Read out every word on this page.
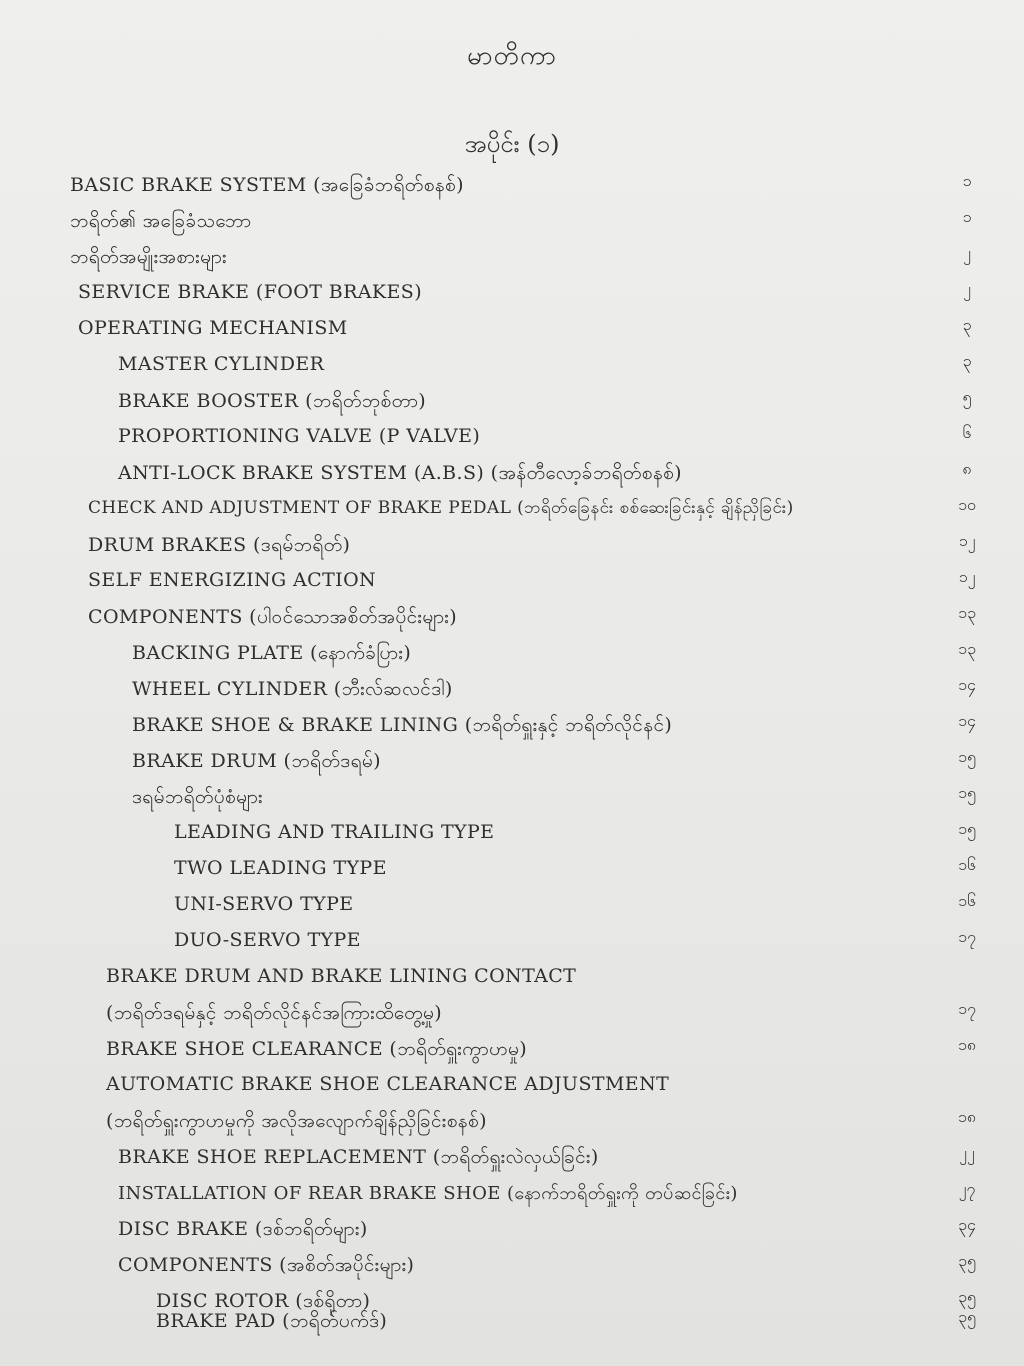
မာတိကာ
အပိုင်း (၁)
BASIC BRAKE SYSTEM (အခြေခံဘရိတ်စနစ်)	၁
ဘရိတ်၏ အခြေခံသဘော	၁
ဘရိတ်အမျိုးအစားများ	၂
SERVICE BRAKE (FOOT BRAKES)	၂
OPERATING MECHANISM	၃
MASTER CYLINDER	၃
BRAKE BOOSTER (ဘရိတ်ဘုစ်တာ)	၅
PROPORTIONING VALVE (P VALVE)	၆
ANTI-LOCK BRAKE SYSTEM (A.B.S) (အန်တီလော့ခ်ဘရိတ်စနစ်)	၈
CHECK AND ADJUSTMENT OF BRAKE PEDAL (ဘရိတ်ခြေနင်း စစ်ဆေးခြင်းနှင့် ချိန်ညှိခြင်း)	၁၀
DRUM BRAKES (ဒရမ်ဘရိတ်)	၁၂
SELF ENERGIZING ACTION	၁၂
COMPONENTS (ပါဝင်သောအစိတ်အပိုင်းများ)	၁၃
BACKING PLATE (နောက်ခံပြား)	၁၃
WHEEL CYLINDER (ဘီးလ်ဆလင်ဒါ)	၁၄
BRAKE SHOE & BRAKE LINING (ဘရိတ်ရှူးနှင့် ဘရိတ်လိုင်နင်)	၁၄
BRAKE DRUM (ဘရိတ်ဒရမ်)	၁၅
ဒရမ်ဘရိတ်ပုံစံများ	၁၅
LEADING AND TRAILING TYPE	၁၅
TWO LEADING TYPE	၁၆
UNI-SERVO TYPE	၁၆
DUO-SERVO TYPE	၁၇
BRAKE DRUM AND BRAKE LINING CONTACT
(ဘရိတ်ဒရမ်နှင့် ဘရိတ်လိုင်နင်အကြားထိတွေ့မှု)	၁၇
BRAKE SHOE CLEARANCE (ဘရိတ်ရှူးကွာဟမှု)	၁၈
AUTOMATIC BRAKE SHOE CLEARANCE ADJUSTMENT
(ဘရိတ်ရှူးကွာဟမှုကို အလိုအလျောက်ချိန်ညှိခြင်းစနစ်)	၁၈
BRAKE SHOE REPLACEMENT (ဘရိတ်ရှူးလဲလှယ်ခြင်း)	၂၂
INSTALLATION OF REAR BRAKE SHOE (နောက်ဘရိတ်ရှူးကို တပ်ဆင်ခြင်း)	၂၇
DISC BRAKE (ဒစ်ဘရိတ်များ)	၃၄
COMPONENTS (အစိတ်အပိုင်းများ)	၃၅
DISC ROTOR (ဒစ်ရိုတာ)	၃၅
BRAKE PAD (ဘရိတ်ပက်ဒ်)	၃၅
